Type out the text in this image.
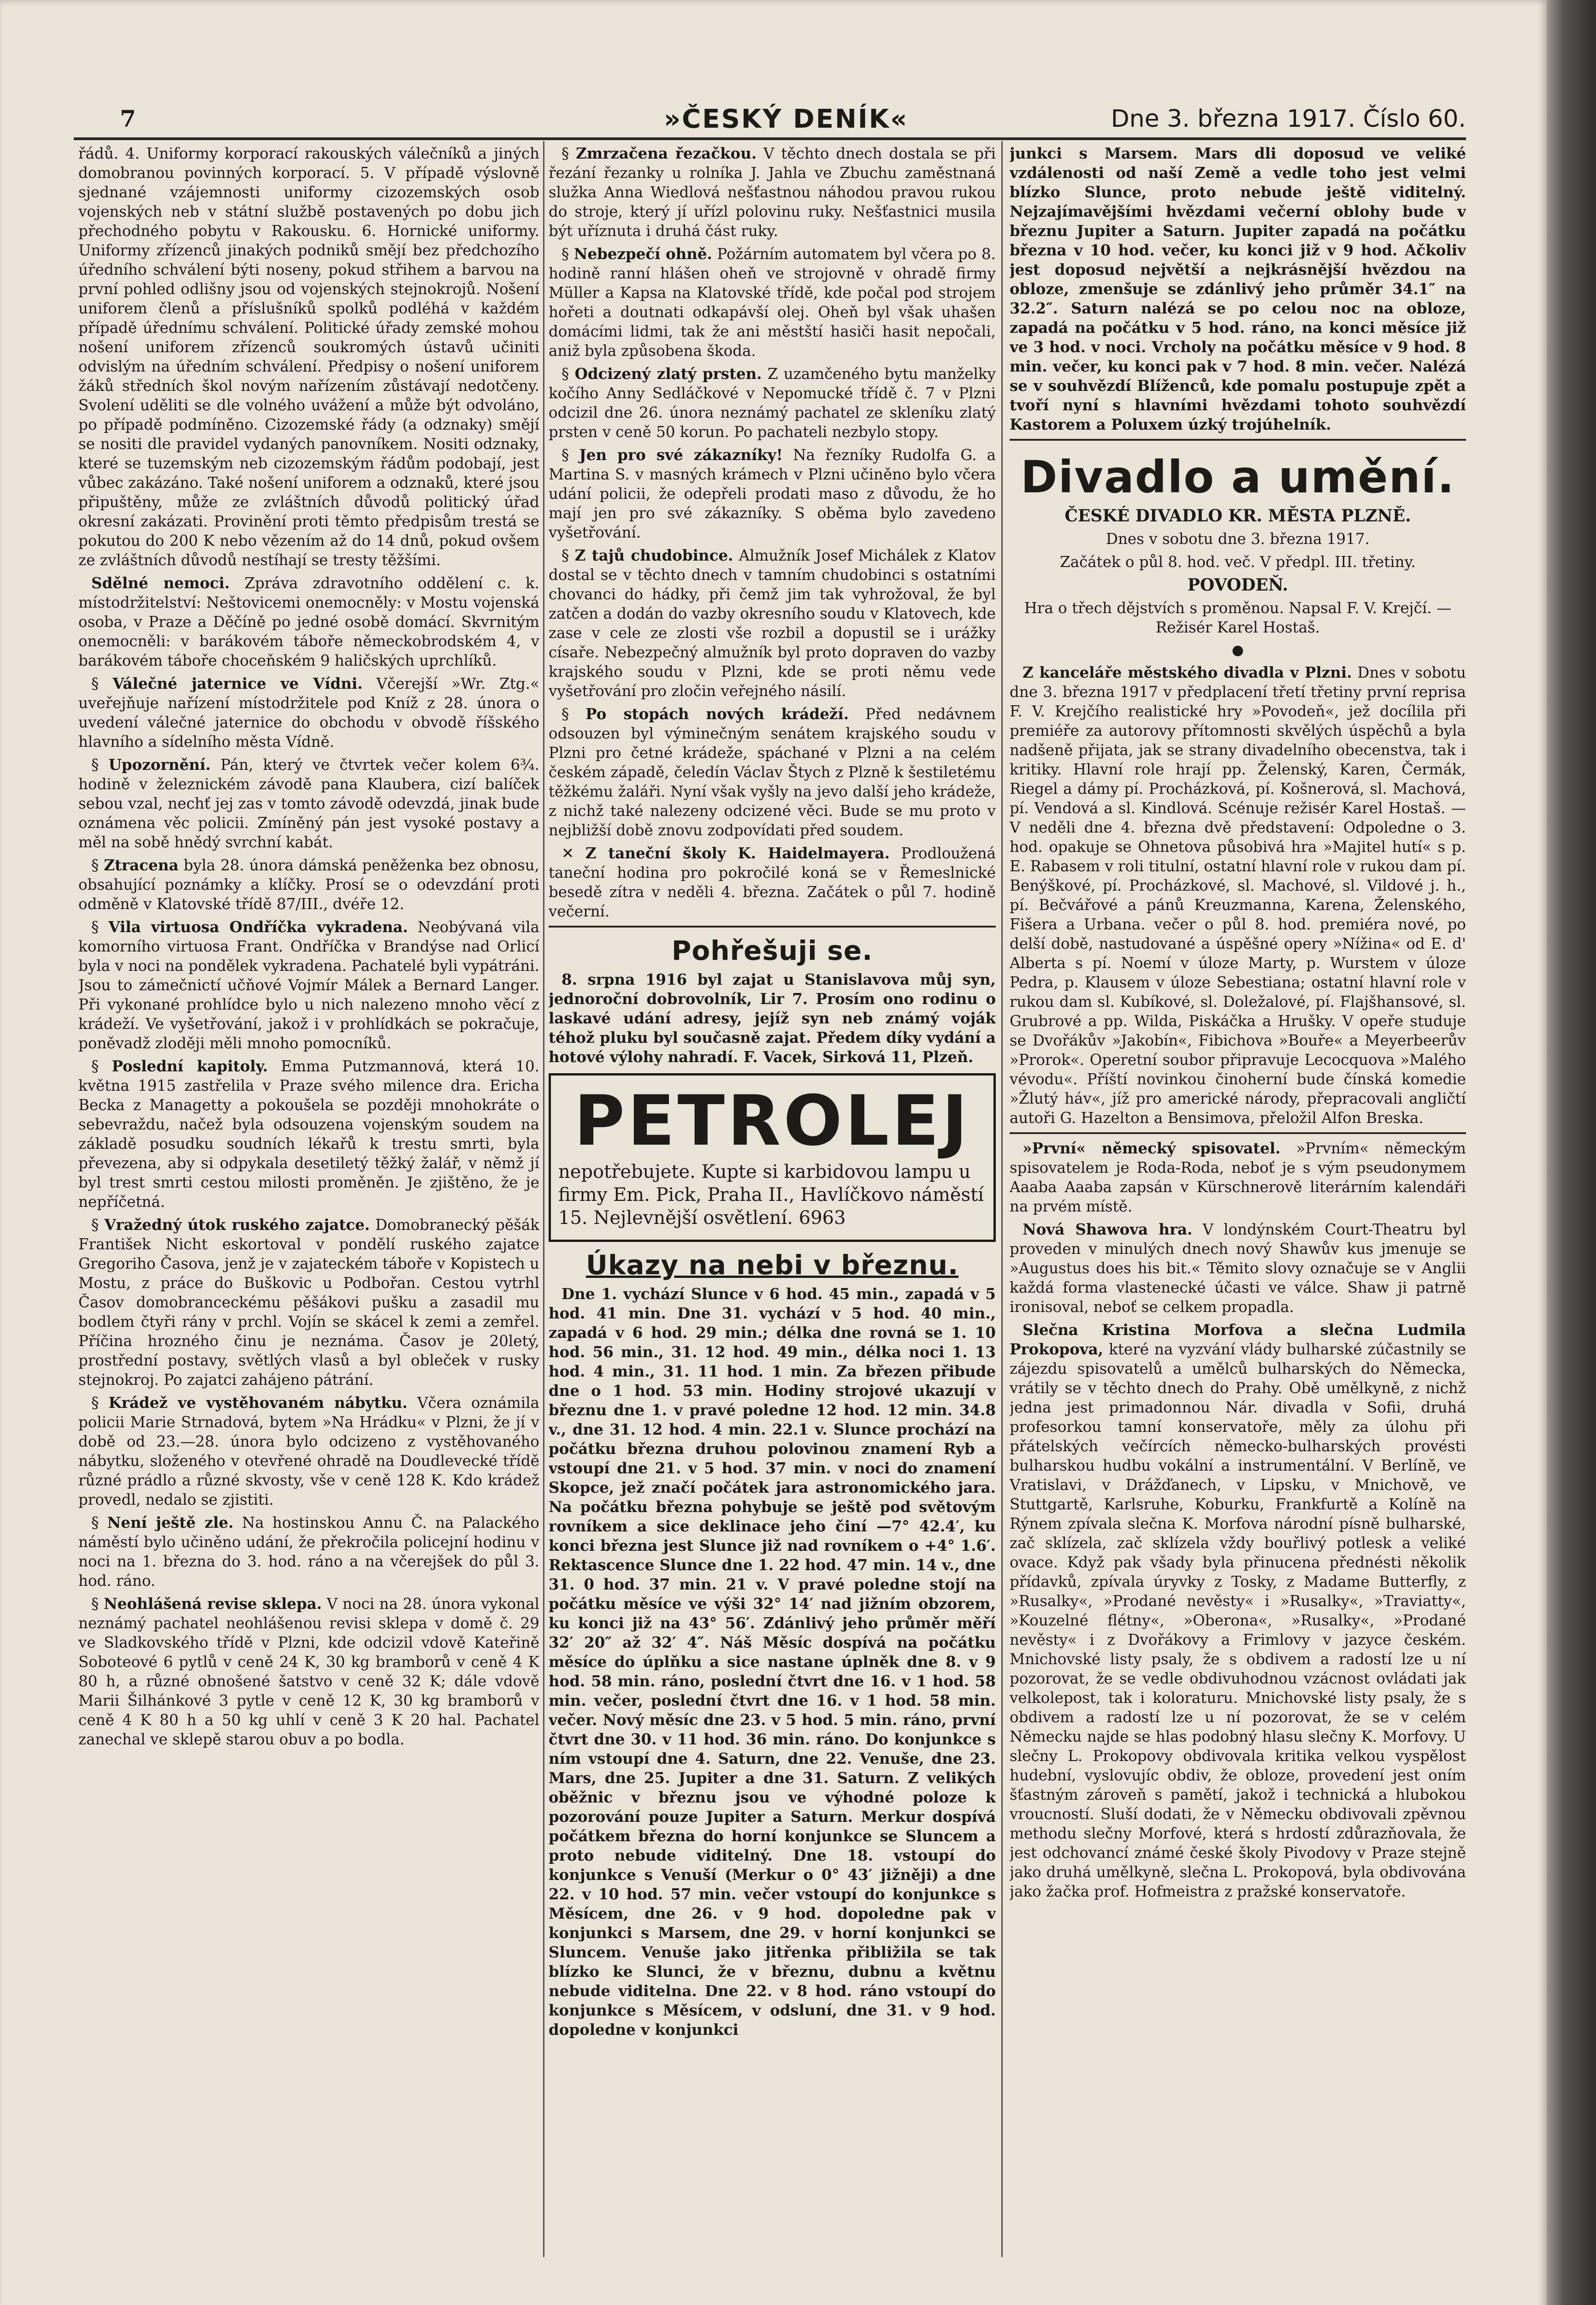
7	»ČESKÝ DENÍK«	Dne 3. března 1917. Číslo 60.

řádů. 4. Uniformy korporací rakouských válečníků a jiných domobranou povinných korporací. 5. V případě výslovně sjednané vzájemnosti uniformy cizozemských osob vojenských neb v státní službě postavených po dobu jich přechodného pobytu v Rakousku. 6. Hornické uniformy. Uniformy zřízenců jinakých podniků smějí bez předchozího úředního schválení býti noseny, pokud střihem a barvou na první pohled odlišny jsou od vojenských stejnokrojů. Nošení uniforem členů a příslušníků spolků podléhá v každém případě úřednímu schválení. Politické úřady zemské mohou nošení uniforem zřízenců soukromých ústavů učiniti odvislým na úředním schválení. Předpisy o nošení uniforem žáků středních škol novým nařízením zůstávají nedotčeny. Svolení uděliti se dle volného uvážení a může být odvoláno, po případě podmíněno. Cizozemské řády (a odznaky) smějí se nositi dle pravidel vydaných panovníkem. Nositi odznaky, které se tuzemským neb cizozemským řádům podobají, jest vůbec zakázáno. Také nošení uniforem a odznaků, které jsou připuštěny, může ze zvláštních důvodů politický úřad okresní zakázati. Provinění proti těmto předpisům trestá se pokutou do 200 K nebo vězením až do 14 dnů, pokud ovšem ze zvláštních důvodů nestíhají se tresty těžšími.

Sdělné nemoci. Zpráva zdravotního oddělení c. k. místodržitelství: Neštovicemi onemocněly: v Mostu vojenská osoba, v Praze a Děčíně po jedné osobě domácí. Skvrnitým onemocněli: v barákovém táboře německobrodském 4, v barákovém táboře choceňském 9 haličských uprchlíků.

§ Válečné jaternice ve Vídni. Včerejší »Wr. Ztg.« uveřejňuje nařízení místodržitele pod Kníž z 28. února o uvedení válečné jaternice do obchodu v obvodě říšského hlavního a sídelního města Vídně.

§ Upozornění. Pán, který ve čtvrtek večer kolem 6¾. hodině v železnickém závodě pana Klaubera, cizí balíček sebou vzal, nechť jej zas v tomto závodě odevzdá, jinak bude oznámena věc policii. Zmíněný pán jest vysoké postavy a měl na sobě hnědý svrchní kabát.

§ Ztracena byla 28. února dámská peněženka bez obnosu, obsahující poznámky a klíčky. Prosí se o odevzdání proti odměně v Klatovské třídě 87/III., dvéře 12.

§ Vila virtuosa Ondříčka vykradena. Neobývaná vila komorního virtuosa Frant. Ondříčka v Brandýse nad Orlicí byla v noci na pondělek vykradena. Pachatelé byli vypátráni. Jsou to zámečnictí učňové Vojmír Málek a Bernard Langer. Při vykonané prohlídce bylo u nich nalezeno mnoho věcí z krádeží. Ve vyšetřování, jakož i v prohlídkách se pokračuje, poněvadž zloději měli mnoho pomocníků.

§ Poslední kapitoly. Emma Putzmannová, která 10. května 1915 zastřelila v Praze svého milence dra. Ericha Becka z Managetty a pokoušela se později mnohokráte o sebevraždu, načež byla odsouzena vojenským soudem na základě posudku soudních lékařů k trestu smrti, byla převezena, aby si odpykala desetiletý těžký žalář, v němž jí byl trest smrti cestou milosti proměněn. Je zjištěno, že je nepříčetná.

§ Vražedný útok ruského zajatce. Domobranecký pěšák František Nicht eskortoval v pondělí ruského zajatce Gregoriho Časova, jenž je v zajateckém táboře v Kopistech u Mostu, z práce do Buškovic u Podbořan. Cestou vytrhl Časov domobranceckému pěšákovi pušku a zasadil mu bodlem čtyři rány v prchl. Vojín se skácel k zemi a zemřel. Příčina hrozného činu je neznáma. Časov je 20letý, prostřední postavy, světlých vlasů a byl obleček v rusky stejnokroj. Po zajatci zahájeno pátrání.

§ Krádež ve vystěhovaném nábytku. Včera oznámila policii Marie Strnadová, bytem »Na Hrádku« v Plzni, že jí v době od 23.—28. února bylo odcizeno z vystěhovaného nábytku, složeného v otevřené ohradě na Doudlevecké třídě různé prádlo a různé skvosty, vše v ceně 128 K. Kdo krádež provedl, nedalo se zjistiti.

§ Není ještě zle. Na hostinskou Annu Č. na Palackého náměstí bylo učiněno udání, že překročila policejní hodinu v noci na 1. března do 3. hod. ráno a na včerejšek do půl 3. hod. ráno.

§ Neohlášená revise sklepa. V noci na 28. února vykonal neznámý pachatel neohlášenou revisi sklepa v domě č. 29 ve Sladkovského třídě v Plzni, kde odcizil vdově Kateřině Soboteové 6 pytlů v ceně 24 K, 30 kg bramborů v ceně 4 K 80 h, a různé obnošené šatstvo v ceně 32 K; dále vdově Marii Šilhánkové 3 pytle v ceně 12 K, 30 kg bramborů v ceně 4 K 80 h a 50 kg uhlí v ceně 3 K 20 hal. Pachatel zanechal ve sklepě starou obuv a po bodla.

§ Zmrzačena řezačkou. V těchto dnech dostala se při řezání řezanky u rolníka J. Jahla ve Zbuchu zaměstnaná služka Anna Wiedlová nešťastnou náhodou pravou rukou do stroje, který jí uřízl polovinu ruky. Nešťastnici musila být uříznuta i druhá část ruky.

§ Nebezpečí ohně. Požárním automatem byl včera po 8. hodině ranní hlášen oheň ve strojovně v ohradě firmy Müller a Kapsa na Klatovské třídě, kde počal pod strojem hořeti a doutnati odkapávší olej. Oheň byl však uhašen domácími lidmi, tak že ani městští hasiči hasit nepočali, aniž byla způsobena škoda.

§ Odcizený zlatý prsten. Z uzamčeného bytu manželky kočího Anny Sedláčkové v Nepomucké třídě č. 7 v Plzni odcizil dne 26. února neznámý pachatel ze skleníku zlatý prsten v ceně 50 korun. Po pachateli nezbylo stopy.

§ Jen pro své zákazníky! Na řezníky Rudolfa G. a Martina S. v masných krámech v Plzni učiněno bylo včera udání policii, že odepřeli prodati maso z důvodu, že ho mají jen pro své zákazníky. S oběma bylo zavedeno vyšetřování.

§ Z tajů chudobince. Almužník Josef Michálek z Klatov dostal se v těchto dnech v tamním chudobinci s ostatními chovanci do hádky, při čemž jim tak vyhrožoval, že byl zatčen a dodán do vazby okresního soudu v Klatovech, kde zase v cele ze zlosti vše rozbil a dopustil se i urážky císaře. Nebezpečný almužník byl proto dopraven do vazby krajského soudu v Plzni, kde se proti němu vede vyšetřování pro zločin veřejného násilí.

§ Po stopách nových krádeží. Před nedávnem odsouzen byl výminečným senátem krajského soudu v Plzni pro četné krádeže, spáchané v Plzni a na celém českém západě, čeledín Václav Štych z Plzně k šestiletému těžkému žaláři. Nyní však vyšly na jevo další jeho krádeže, z nichž také nalezeny odcizené věci. Bude se mu proto v nejbližší době znovu zodpovídati před soudem.

✕ Z taneční školy K. Haidelmayera. Prodloužená taneční hodina pro pokročilé koná se v Řemeslnické besedě zítra v neděli 4. března. Začátek o půl 7. hodině večerní.

Pohřešuji se.

8. srpna 1916 byl zajat u Stanislavova můj syn, jednoroční dobrovolník, Lir 7. Prosím ono rodinu o laskavé udání adresy, jejíž syn neb známý voják téhož pluku byl současně zajat. Předem díky vydání a hotové výlohy nahradí. F. Vacek, Sirková 11, Plzeň.

PETROLEJ

nepotřebujete. Kupte si karbidovou lampu u firmy Em. Pick, Praha II., Havlíčkovo náměstí 15. Nejlevnější osvětlení. 6963

Úkazy na nebi v březnu.

Dne 1. vychází Slunce v 6 hod. 45 min., zapadá v 5 hod. 41 min. Dne 31. vychází v 5 hod. 40 min., zapadá v 6 hod. 29 min.; délka dne rovná se 1. 10 hod. 56 min., 31. 12 hod. 49 min., délka noci 1. 13 hod. 4 min., 31. 11 hod. 1 min. Za březen přibude dne o 1 hod. 53 min. Hodiny strojové ukazují v březnu dne 1. v pravé poledne 12 hod. 12 min. 34.8 v., dne 31. 12 hod. 4 min. 22.1 v. Slunce prochází na počátku března druhou polovinou znamení Ryb a vstoupí dne 21. v 5 hod. 37 min. v noci do znamení Skopce, jež značí počátek jara astronomického jara. Na počátku března pohybuje se ještě pod světovým rovníkem a sice deklinace jeho činí —7° 42.4′, ku konci března jest Slunce již nad rovníkem o +4° 1.6′. Rektascence Slunce dne 1. 22 hod. 47 min. 14 v., dne 31. 0 hod. 37 min. 21 v. V pravé poledne stojí na počátku měsíce ve výši 32° 14′ nad jižním obzorem, ku konci již na 43° 56′. Zdánlivý jeho průměr měří 32′ 20″ až 32′ 4″. Náš Měsíc dospívá na počátku měsíce do úplňku a sice nastane úplněk dne 8. v 9 hod. 58 min. ráno, poslední čtvrt dne 16. v 1 hod. 58 min. večer, poslední čtvrt dne 16. v 1 hod. 58 min. večer. Nový měsíc dne 23. v 5 hod. 5 min. ráno, první čtvrt dne 30. v 11 hod. 36 min. ráno. Do konjunkce s ním vstoupí dne 4. Saturn, dne 22. Venuše, dne 23. Mars, dne 25. Jupiter a dne 31. Saturn. Z velikých oběžnic v březnu jsou ve výhodné poloze k pozorování pouze Jupiter a Saturn. Merkur dospívá počátkem března do horní konjunkce se Sluncem a proto nebude viditelný. Dne 18. vstoupí do konjunkce s Venuší (Merkur o 0° 43′ jižněji) a dne 22. v 10 hod. 57 min. večer vstoupí do konjunkce s Měsícem, dne 26. v 9 hod. dopoledne pak v konjunkci s Marsem, dne 29. v horní konjunkci se Sluncem. Venuše jako jitřenka přibližila se tak blízko ke Slunci, že v březnu, dubnu a květnu nebude viditelna. Dne 22. v 8 hod. ráno vstoupí do konjunkce s Měsícem, v odsluní, dne 31. v 9 hod. dopoledne v konjunkci

junkci s Marsem. Mars dli doposud ve veliké vzdálenosti od naší Země a vedle toho jest velmi blízko Slunce, proto nebude ještě viditelný. Nejzajímavějšími hvězdami večerní oblohy bude v březnu Jupiter a Saturn. Jupiter zapadá na počátku března v 10 hod. večer, ku konci již v 9 hod. Ačkoliv jest doposud největší a nejkrásnější hvězdou na obloze, zmenšuje se zdánlivý jeho průměr 34.1″ na 32.2″. Saturn nalézá se po celou noc na obloze, zapadá na počátku v 5 hod. ráno, na konci měsíce již ve 3 hod. v noci. Vrcholy na počátku měsíce v 9 hod. 8 min. večer, ku konci pak v 7 hod. 8 min. večer. Nalézá se v souhvězdí Blíženců, kde pomalu postupuje zpět a tvoří nyní s hlavními hvězdami tohoto souhvězdí Kastorem a Poluxem úzký trojúhelník.

Divadlo a umění.

ČESKÉ DIVADLO KR. MĚSTA PLZNĚ.

Dnes v sobotu dne 3. března 1917.

Začátek o půl 8. hod. več. V předpl. III. třetiny.

POVODEŇ.

Hra o třech dějstvích s proměnou. Napsal F. V. Krejčí. — Režisér Karel Hostaš.

●

Z kanceláře městského divadla v Plzni. Dnes v sobotu dne 3. března 1917 v předplacení třetí třetiny první reprisa F. V. Krejčího realistické hry »Povodeň«, jež docílila při premiéře za autorovy přítomnosti skvělých úspěchů a byla nadšeně přijata, jak se strany divadelního obecenstva, tak i kritiky. Hlavní role hrají pp. Želenský, Karen, Čermák, Riegel a dámy pí. Procházková, pí. Košnerová, sl. Machová, pí. Vendová a sl. Kindlová. Scénuje režisér Karel Hostaš. — V neděli dne 4. března dvě představení: Odpoledne o 3. hod. opakuje se Ohnetova působivá hra »Majitel hutí« s p. E. Rabasem v roli titulní, ostatní hlavní role v rukou dam pí. Benýškové, pí. Procházkové, sl. Machové, sl. Vildové j. h., pí. Bečvářové a pánů Kreuzmanna, Karena, Želenského, Fišera a Urbana. večer o půl 8. hod. premiéra nové, po delší době, nastudované a úspěšné opery »Nížina« od E. d' Alberta s pí. Noemí v úloze Marty, p. Wurstem v úloze Pedra, p. Klausem v úloze Sebestiana; ostatní hlavní role v rukou dam sl. Kubíkové, sl. Doležalové, pí. Flajšhansové, sl. Grubrové a pp. Wilda, Piskáčka a Hrušky. V opeře studuje se Dvořákův »Jakobín«, Fibichova »Bouře« a Meyerbeerův »Prorok«. Operetní soubor připravuje Lecocquova »Malého vévodu«. Příští novinkou činoherní bude čínská komedie »Žlutý háv«, jíž pro americké národy, přepracovali angličtí autoři G. Hazelton a Bensimova, přeložil Alfon Breska.

»První« německý spisovatel. »Prvním« německým spisovatelem je Roda-Roda, neboť je s vým pseudonymem Aaaba Aaaba zapsán v Kürschnerově literárním kalendáři na prvém místě.

Nová Shawova hra. V londýnském Court-Theatru byl proveden v minulých dnech nový Shawův kus jmenuje se »Augustus does his bit.« Těmito slovy označuje se v Anglii každá forma vlastenecké účasti ve válce. Shaw ji patrně ironisoval, neboť se celkem propadla.

Slečna Kristina Morfova a slečna Ludmila Prokopova, které na vyzvání vlády bulharské zúčastnily se zájezdu spisovatelů a umělců bulharských do Německa, vrátily se v těchto dnech do Prahy. Obě umělkyně, z nichž jedna jest primadonnou Nár. divadla v Sofii, druhá profesorkou tamní konservatoře, měly za úlohu při přátelských večírcích německo-bulharských provésti bulharskou hudbu vokální a instrumentální. V Berlíně, ve Vratislavi, v Drážďanech, v Lipsku, v Mnichově, ve Stuttgartě, Karlsruhe, Koburku, Frankfurtě a Kolíně na Rýnem zpívala slečna K. Morfova národní písně bulharské, zač sklízela, zač sklízela vždy bouřlivý potlesk a veliké ovace. Když pak všady byla přinucena přednésti několik přídavků, zpívala úryvky z Tosky, z Madame Butterfly, z »Rusalky«, »Prodané nevěsty« i »Rusalky«, »Traviatty«, »Kouzelné flétny«, »Oberona«, »Rusalky«, »Prodané nevěsty« i z Dvořákovy a Frimlovy v jazyce českém. Mnichovské listy psaly, že s obdivem a radostí lze u ní pozorovat, že se vedle obdivuhodnou vzácnost ovládati jak velkolepost, tak i koloraturu. Mnichovské listy psaly, že s obdivem a radostí lze u ní pozorovat, že se v celém Německu najde se hlas podobný hlasu slečny K. Morfovy. U slečny L. Prokopovy obdivovala kritika velkou vyspělost hudební, vyslovujíc obdiv, že obloze, provedení jest oním šťastným zároveň s pamětí, jakož i technická a hlubokou vroucností. Sluší dodati, že v Německu obdivovali zpěvnou methodu slečny Morfové, která s hrdostí zdůrazňovala, že jest odchovancí známé české školy Pivodovy v Praze stejně jako druhá umělkyně, slečna L. Prokopová, byla obdivována jako žačka prof. Hofmeistra z pražské konservatoře.
